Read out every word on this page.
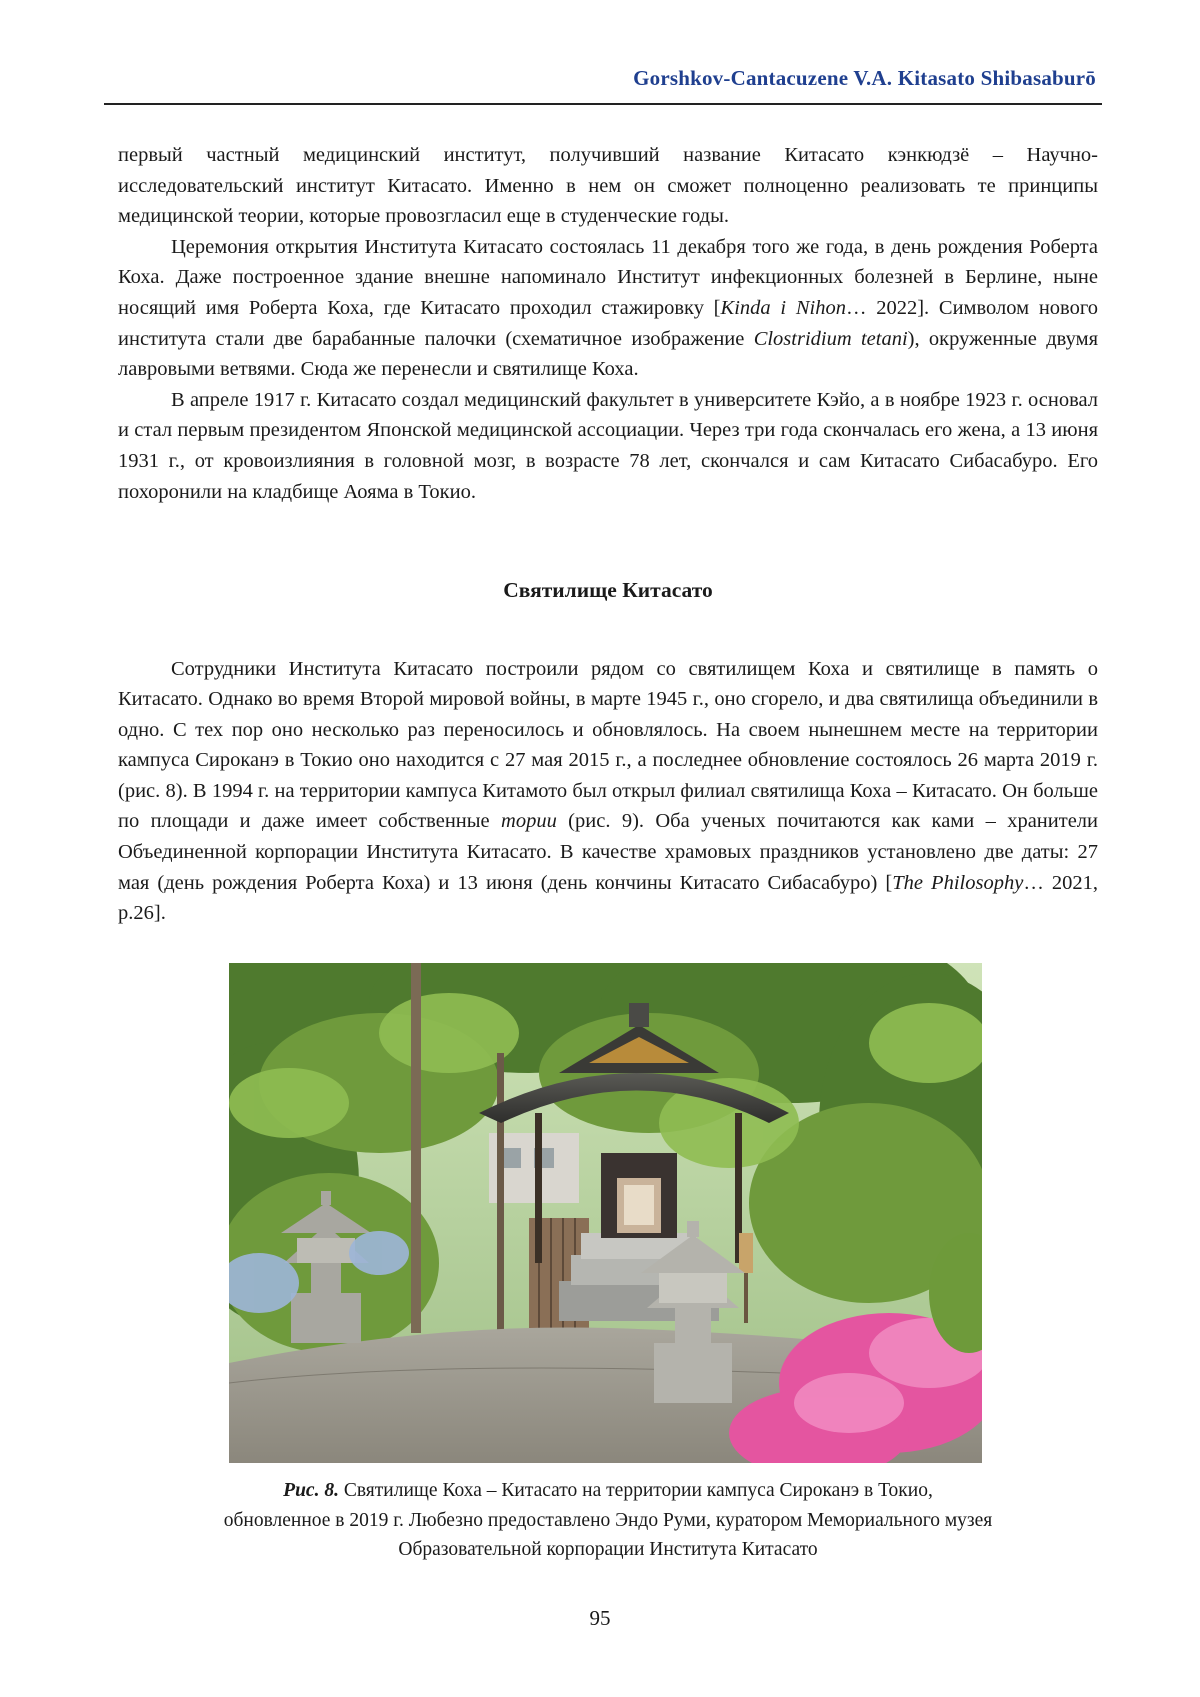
Gorshkov-Cantacuzene V.A. Kitasato Shibasaburō

первый частный медицинский институт, получивший название Китасато кэнкюдзё – Научно-исследовательский институт Китасато. Именно в нем он сможет полноценно реализовать те принципы медицинской теории, которые провозгласил еще в студенческие годы.

Церемония открытия Института Китасато состоялась 11 декабря того же года, в день рождения Роберта Коха. Даже построенное здание внешне напоминало Институт инфекционных болезней в Берлине, ныне носящий имя Роберта Коха, где Китасато проходил стажировку [Kinda i Nihon… 2022]. Символом нового института стали две барабанные палочки (схематичное изображение Clostridium tetani), окруженные двумя лавровыми ветвями. Сюда же перенесли и святилище Коха.

В апреле 1917 г. Китасато создал медицинский факультет в университете Кэйо, а в ноябре 1923 г. основал и стал первым президентом Японской медицинской ассоциации. Через три года скончалась его жена, а 13 июня 1931 г., от кровоизлияния в головной мозг, в возрасте 78 лет, скончался и сам Китасато Сибасабуро. Его похоронили на кладбище Аояма в Токио.

Святилище Китасато

Сотрудники Института Китасато построили рядом со святилищем Коха и святилище в память о Китасато. Однако во время Второй мировой войны, в марте 1945 г., оно сгорело, и два святилища объединили в одно. С тех пор оно несколько раз переносилось и обновлялось. На своем нынешнем месте на территории кампуса Сироканэ в Токио оно находится с 27 мая 2015 г., а последнее обновление состоялось 26 марта 2019 г. (рис. 8). В 1994 г. на территории кампуса Китамото был открыл филиал святилища Коха – Китасато. Он больше по площади и даже имеет собственные тории (рис. 9). Оба ученых почитаются как ками – хранители Объединенной корпорации Института Китасато. В качестве храмовых праздников установлено две даты: 27 мая (день рождения Роберта Коха) и 13 июня (день кончины Китасато Сибасабуро) [The Philosophy… 2021, p.26].

Рис. 8. Святилище Коха – Китасато на территории кампуса Сироканэ в Токио,
обновленное в 2019 г. Любезно предоставлено Эндо Руми, куратором Мемориального музея
Образовательной корпорации Института Китасато
95
